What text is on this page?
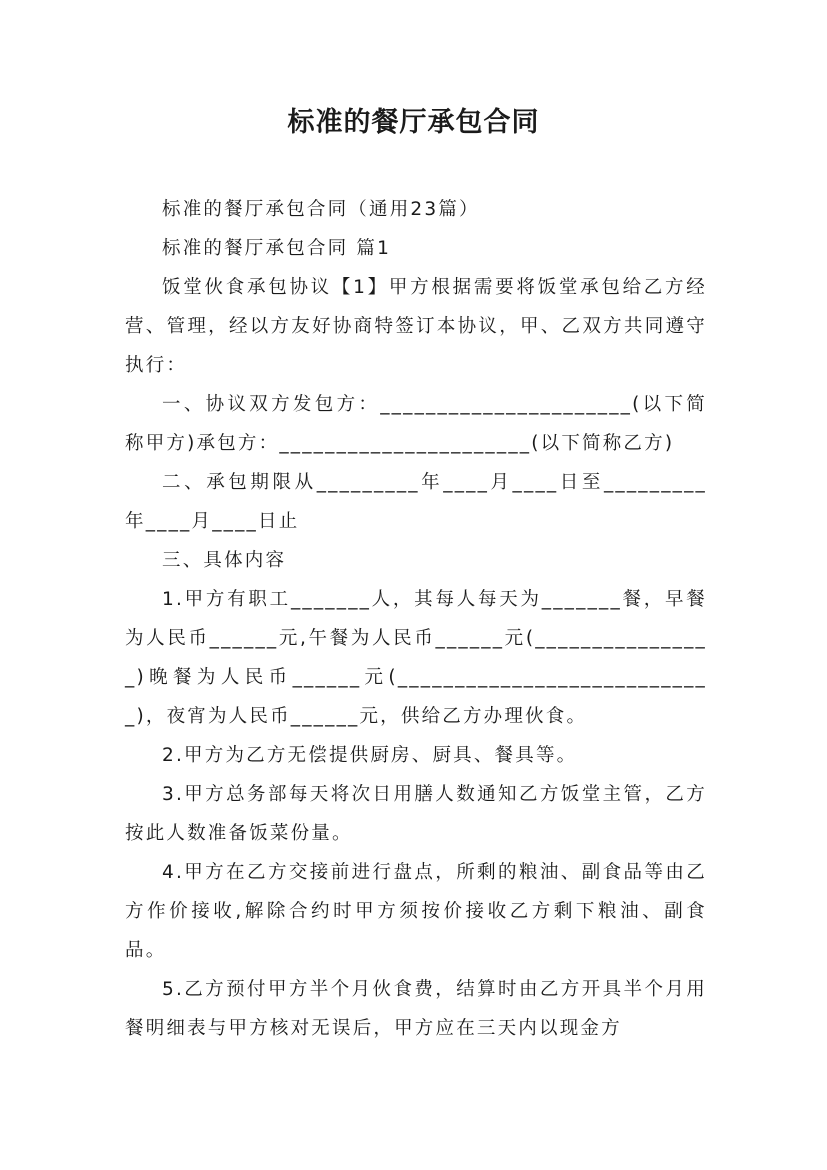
标准的餐厅承包合同

标准的餐厅承包合同（通用23篇）

标准的餐厅承包合同 篇1

饭堂伙食承包协议【1】甲方根据需要将饭堂承包给乙方经营、管理，经以方友好协商特签订本协议，甲、乙双方共同遵守执行：

一、协议双方发包方：______________________(以下简称甲方)承包方：______________________(以下简称乙方)

二、承包期限从_________年____月____日至_________年____月____日止

三、具体内容

1.甲方有职工_______人，其每人每天为_______餐，早餐为人民币______元,午餐为人民币______元(________________)晚餐为人民币______元(____________________________)，夜宵为人民币______元，供给乙方办理伙食。

2.甲方为乙方无偿提供厨房、厨具、餐具等。

3.甲方总务部每天将次日用膳人数通知乙方饭堂主管，乙方按此人数准备饭菜份量。

4.甲方在乙方交接前进行盘点，所剩的粮油、副食品等由乙方作价接收,解除合约时甲方须按价接收乙方剩下粮油、副食品。

5.乙方预付甲方半个月伙食费，结算时由乙方开具半个月用餐明细表与甲方核对无误后，甲方应在三天内以现金方
